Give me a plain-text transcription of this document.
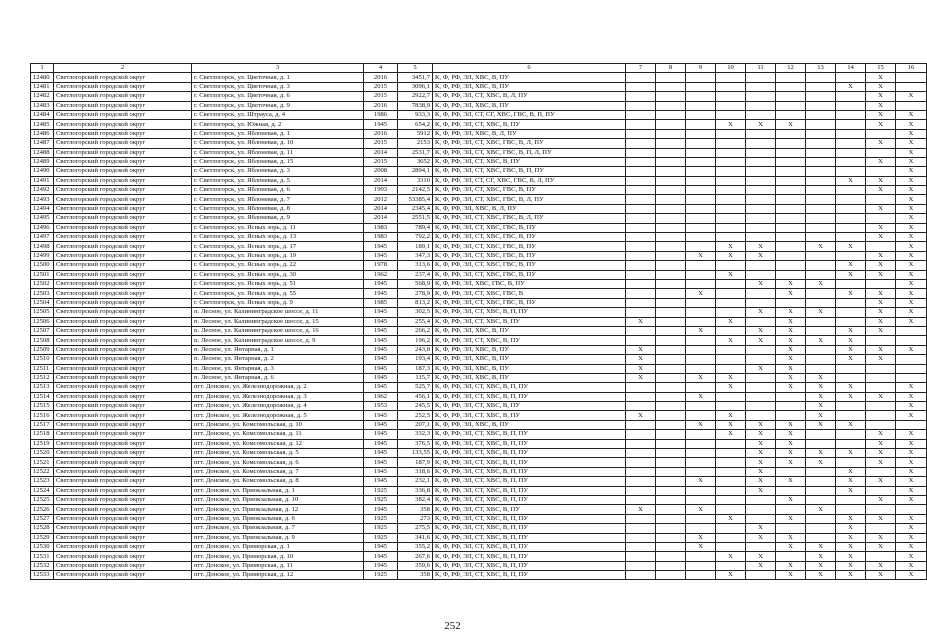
1	2	3	4	5	6	7	8	9	10	11	12	13	14	15	16
12480	Светлогорский городской округ	г. Светлогорск, ул. Цветочная, д. 1	2016	3451,7	К, Ф, РФ, ЭЛ, ХВС, В, ПУ									X	
12481	Светлогорский городской округ	г. Светлогорск, ул. Цветочная, д. 3	2015	3096,1	К, Ф, РФ, ЭЛ, ХВС, В, ПУ								X	X	
12482	Светлогорский городской округ	г. Светлогорск, ул. Цветочная, д. 6	2015	2922,7	К, Ф, РФ, ЭЛ, СТ, ХВС, В, Л, ПУ									X	X
12483	Светлогорский городской округ	г. Светлогорск, ул. Цветочная, д. 9	2016	7838,9	К, Ф, РФ, ЭЛ, ХВС, В, ПУ									X	
12484	Светлогорский городской округ	г. Светлогорск, ул. Штрауса, д. 4	1986	933,3	К, Ф, РФ, ЭЛ, СТ, СГ, ХВС, ГВС, В, П, ПУ									X	X
12485	Светлогорский городской округ	г. Светлогорск, ул. Южная, д. 2	1945	654,2	К, Ф, РФ, ЭЛ, СТ, ХВС, В, ПУ				X	X	X			X	X
12486	Светлогорский городской округ	г. Светлогорск, ул. Яблоневая, д. 1	2016	5912	К, Ф, РФ, ЭЛ, ХВС, В, Л, ПУ										X
12487	Светлогорский городской округ	г. Светлогорск, ул. Яблоневая, д. 10	2015	2153	К, Ф, РФ, ЭЛ, СТ, ХВС, ГВС, В, Л, ПУ									X	X
12488	Светлогорский городской округ	г. Светлогорск, ул. Яблоневая, д. 11	2014	2531,7	К, Ф, РФ, ЭЛ, СТ, ХВС, ГВС, В, П, Л, ПУ										X
12489	Светлогорский городской округ	г. Светлогорск, ул. Яблоневая, д. 15	2015	3652	К, Ф, РФ, ЭЛ, СТ, ХВС, В, ПУ									X	X
12490	Светлогорский городской округ	г. Светлогорск, ул. Яблоневая, д. 3	2008	2894,1	К, Ф, РФ, ЭЛ, СТ, ХВС, ГВС, В, П, ПУ										X
12491	Светлогорский городской округ	г. Светлогорск, ул. Яблоневая, д. 5	2014	3310	К, Ф, РФ, ЭЛ, СТ, СГ, ХВС, ГВС, В, Л, ПУ								X	X	X
12492	Светлогорский городской округ	г. Светлогорск, ул. Яблоневая, д. 6	1993	2142,5	К, Ф, РФ, ЭЛ, СТ, ХВС, ГВС, В, ПУ									X	X
12493	Светлогорский городской округ	г. Светлогорск, ул. Яблоневая, д. 7	2012	53385,4	К, Ф, РФ, ЭЛ, СТ, ХВС, ГВС, В, Л, ПУ										X
12494	Светлогорский городской округ	г. Светлогорск, ул. Яблоневая, д. 8	2014	2345,4	К, Ф, РФ, ЭЛ, ХВС, В, Л, ПУ									X	X
12495	Светлогорский городской округ	г. Светлогорск, ул. Яблоневая, д. 9	2014	2551,5	К, Ф, РФ, ЭЛ, СТ, ХВС, ГВС, В, Л, ПУ										X
12496	Светлогорский городской округ	г. Светлогорск, ул. Ясных зорь, д. 11	1983	789,4	К, Ф, РФ, ЭЛ, СТ, ХВС, ГВС, В, ПУ									X	X
12497	Светлогорский городской округ	г. Светлогорск, ул. Ясных зорь, д. 13	1983	792,2	К, Ф, РФ, ЭЛ, СТ, ХВС, ГВС, В, ПУ									X	X
12498	Светлогорский городской округ	г. Светлогорск, ул. Ясных зорь, д. 17	1945	189,1	К, Ф, РФ, ЭЛ, СТ, ХВС, ГВС, В, ПУ				X	X		X	X		X
12499	Светлогорский городской округ	г. Светлогорск, ул. Ясных зорь, д. 19	1945	347,3	К, Ф, РФ, ЭЛ, СТ, ХВС, ГВС, В, ПУ			X	X	X				X	X
12500	Светлогорский городской округ	г. Светлогорск, ул. Ясных зорь, д. 22	1978	313,6	К, Ф, РФ, ЭЛ, СТ, ХВС, ГВС, В, ПУ								X	X	X
12501	Светлогорский городской округ	г. Светлогорск, ул. Ясных зорь, д. 30	1962	237,4	К, Ф, РФ, ЭЛ, СТ, ХВС, ГВС, В, ПУ				X				X	X	X
12502	Светлогорский городской округ	г. Светлогорск, ул. Ясных зорь, д. 51	1945	568,9	К, Ф, РФ, ЭЛ, ХВС, ГВС, В, ПУ					X	X	X			X
12503	Светлогорский городской округ	г. Светлогорск, ул. Ясных зорь, д. 55	1945	278,9	К, Ф, РФ, ЭЛ, СТ, ХВС, ГВС, В			X			X		X	X	X
12504	Светлогорский городской округ	г. Светлогорск, ул. Ясных зорь, д. 9	1985	813,2	К, Ф, РФ, ЭЛ, СТ, ХВС, ГВС, В, ПУ									X	X
12505	Светлогорский городской округ	п. Лесное, ул. Калининградское шоссе, д. 11	1945	302,5	К, Ф, РФ, ЭЛ, СТ, ХВС, В, П, ПУ					X	X	X		X	X
12506	Светлогорский городской округ	п. Лесное, ул. Калининградское шоссе, д. 15	1945	255,4	К, Ф, РФ, ЭЛ, СТ, ХВС, В, ПУ	X			X		X			X	X
12507	Светлогорский городской округ	п. Лесное, ул. Калининградское шоссе, д. 16	1945	266,2	К, Ф, РФ, ЭЛ, ХВС, В, ПУ			X		X	X		X	X	
12508	Светлогорский городской округ	п. Лесное, ул. Калининградское шоссе, д. 9	1945	196,2	К, Ф, РФ, ЭЛ, СТ, ХВС, В, ПУ				X	X	X	X	X		
12509	Светлогорский городской округ	п. Лесное, ул. Янтарная, д. 1	1945	243,8	К, Ф, РФ, ЭЛ, ХВС, В, ПУ	X					X		X	X	X
12510	Светлогорский городской округ	п. Лесное, ул. Янтарная, д. 2	1945	193,4	К, Ф, РФ, ЭЛ, ХВС, В, ПУ	X					X		X	X	
12511	Светлогорский городской округ	п. Лесное, ул. Янтарная, д. 3	1945	187,3	К, Ф, РФ, ЭЛ, ХВС, В, ПУ	X				X	X				
12512	Светлогорский городской округ	п. Лесное, ул. Янтарная, д. 6	1945	115,7	К, Ф, РФ, ЭЛ, ХВС, В, ПУ	X		X	X		X	X			
12513	Светлогорский городской округ	пгт. Донское, ул. Железнодорожная, д. 2	1945	525,7	К, Ф, РФ, ЭЛ, СТ, ХВС, В, П, ПУ				X		X	X	X		X
12514	Светлогорский городской округ	пгт. Донское, ул. Железнодорожная, д. 3	1962	456,1	К, Ф, РФ, ЭЛ, СТ, ХВС, В, П, ПУ			X				X	X	X	X
12515	Светлогорский городской округ	пгт. Донское, ул. Железнодорожная, д. 4	1953	245,5	К, Ф, РФ, ЭЛ, СТ, ХВС, В, ПУ							X			X
12516	Светлогорский городской округ	пгт. Донское, ул. Железнодорожная, д. 5	1945	252,5	К, Ф, РФ, ЭЛ, СТ, ХВС, В, ПУ	X			X			X			X
12517	Светлогорский городской округ	пгт. Донское, ул. Комсомольская, д. 10	1945	207,1	К, Ф, РФ, ЭЛ, ХВС, В, ПУ			X	X	X	X	X	X		
12518	Светлогорский городской округ	пгт. Донское, ул. Комсомольская, д. 11	1945	332,3	К, Ф, РФ, ЭЛ, СТ, ХВС, В, П, ПУ				X	X	X			X	X
12519	Светлогорский городской округ	пгт. Донское, ул. Комсомольская, д. 12	1945	376,5	К, Ф, РФ, ЭЛ, СТ, ХВС, В, П, ПУ					X	X			X	X
12520	Светлогорский городской округ	пгт. Донское, ул. Комсомольская, д. 5	1945	133,55	К, Ф, РФ, ЭЛ, СТ, ХВС, В, П, ПУ					X	X	X	X	X	X
12521	Светлогорский городской округ	пгт. Донское, ул. Комсомольская, д. 6	1945	187,9	К, Ф, РФ, ЭЛ, СТ, ХВС, В, П, ПУ					X	X	X		X	X
12522	Светлогорский городской округ	пгт. Донское, ул. Комсомольская, д. 7	1945	318,6	К, Ф, РФ, ЭЛ, СТ, ХВС, В, П, ПУ					X			X		X
12523	Светлогорский городской округ	пгт. Донское, ул. Комсомольская, д. 8	1945	232,1	К, Ф, РФ, ЭЛ, СТ, ХВС, В, П, ПУ			X		X	X		X	X	X
12524	Светлогорский городской округ	пгт. Донское, ул. Приокзальная, д. 1	1925	336,8	К, Ф, РФ, ЭЛ, СТ, ХВС, В, П, ПУ					X			X		X
12525	Светлогорский городской округ	пгт. Донское, ул. Приокзальная, д. 10	1925	382,4	К, Ф, РФ, ЭЛ, СТ, ХВС, В, П, ПУ						X			X	X
12526	Светлогорский городской округ	пгт. Донское, ул. Приокзальная, д. 12	1945	358	К, Ф, РФ, ЭЛ, СТ, ХВС, В, ПУ	X		X				X			
12527	Светлогорский городской округ	пгт. Донское, ул. Приокзальная, д. 6	1925	273	К, Ф, РФ, ЭЛ, СТ, ХВС, В, П, ПУ				X		X		X	X	X
12528	Светлогорский городской округ	пгт. Донское, ул. Приокзальная, д. 7	1925	275,5	К, Ф, РФ, ЭЛ, СТ, ХВС, В, П, ПУ					X			X		X
12529	Светлогорский городской округ	пгт. Донское, ул. Приокзальная, д. 9	1925	341,6	К, Ф, РФ, ЭЛ, СТ, ХВС, В, П, ПУ			X		X	X		X	X	X
12530	Светлогорский городской округ	пгт. Донское, ул. Приморская, д. 1	1945	355,2	К, Ф, РФ, ЭЛ, СТ, ХВС, В, П, ПУ			X			X	X	X	X	X
12531	Светлогорский городской округ	пгт. Донское, ул. Приморская, д. 10	1945	267,6	К, Ф, РФ, ЭЛ, СТ, ХВС, В, П, ПУ				X	X		X	X		X
12532	Светлогорский городской округ	пгт. Донское, ул. Приморская, д. 11	1945	359,6	К, Ф, РФ, ЭЛ, СТ, ХВС, В, П, ПУ					X	X	X	X	X	X
12533	Светлогорский городской округ	пгт. Донское, ул. Приморская, д. 12	1925	358	К, Ф, РФ, ЭЛ, СТ, ХВС, В, П, ПУ				X		X	X	X	X	X
252
